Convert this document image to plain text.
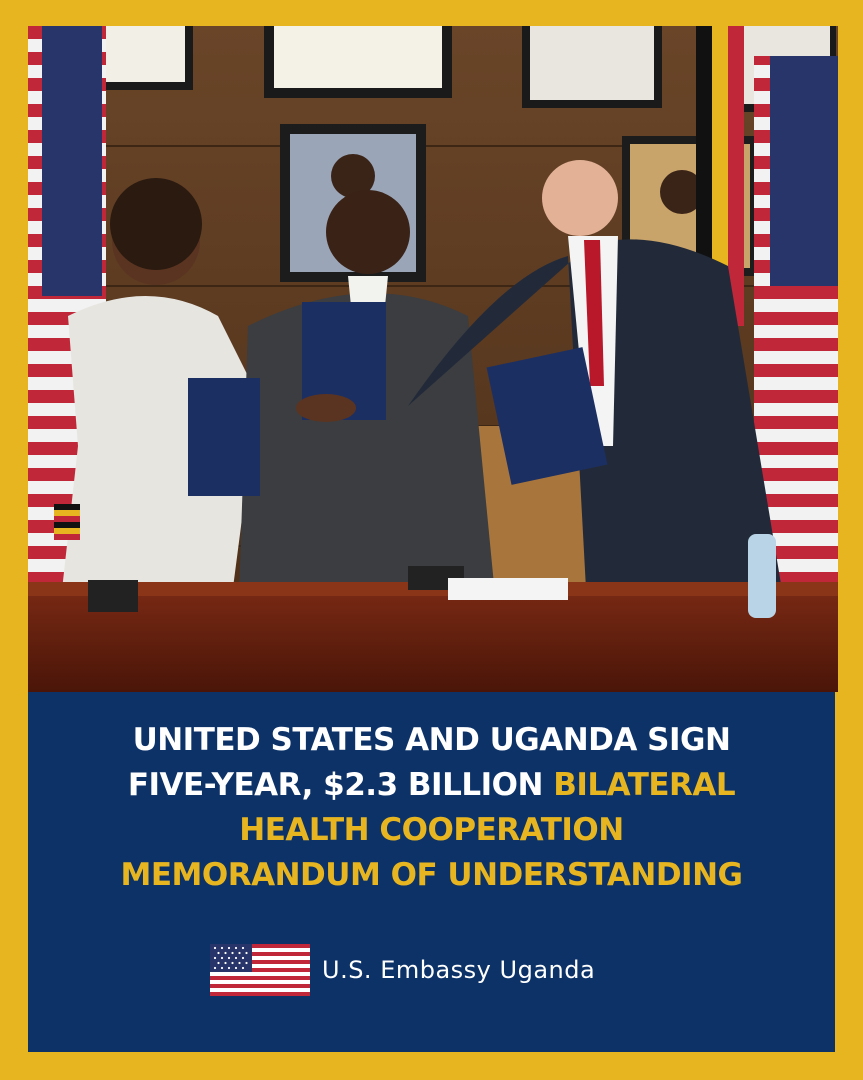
UNITED STATES AND UGANDA SIGN
FIVE-YEAR, $2.3 BILLION BILATERAL
HEALTH COOPERATION
MEMORANDUM OF UNDERSTANDING
U.S. Embassy Uganda
